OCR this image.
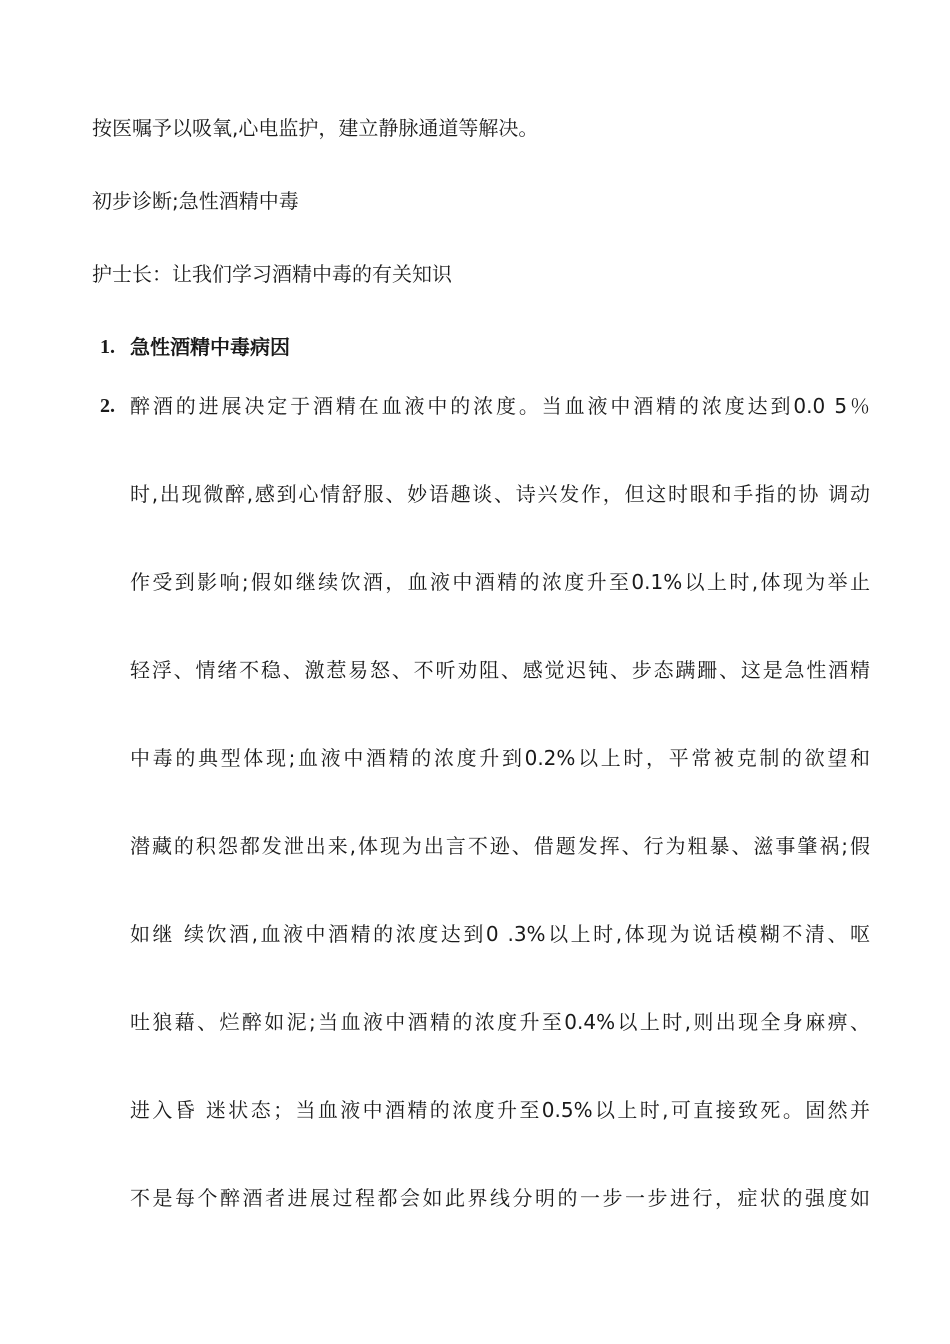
按医嘱予以吸氧,心电监护，建立静脉通道等解决。
初步诊断;急性酒精中毒
护士长：让我们学习酒精中毒的有关知识
1. 急性酒精中毒病因
2. 醉酒的进展决定于酒精在血液中的浓度。当血液中酒精的浓度达到0.0 5％
时,出现微醉,感到心情舒服、妙语趣谈、诗兴发作，但这时眼和手指的协 调动
作受到影响;假如继续饮酒，血液中酒精的浓度升至0.1%以上时,体现为举止
轻浮、情绪不稳、激惹易怒、不听劝阻、感觉迟钝、步态蹒跚、这是急性酒精
中毒的典型体现;血液中酒精的浓度升到0.2%以上时，平常被克制的欲望和
潜藏的积怨都发泄出来,体现为出言不逊、借题发挥、行为粗暴、滋事肇祸;假
如继 续饮酒,血液中酒精的浓度达到0 .3%以上时,体现为说话模糊不清、呕
吐狼藉、烂醉如泥;当血液中酒精的浓度升至0.4%以上时,则出现全身麻痹、
进入昏 迷状态；当血液中酒精的浓度升至0.5%以上时,可直接致死。固然并
不是每个醉酒者进展过程都会如此界线分明的一步一步进行，症状的强度如
